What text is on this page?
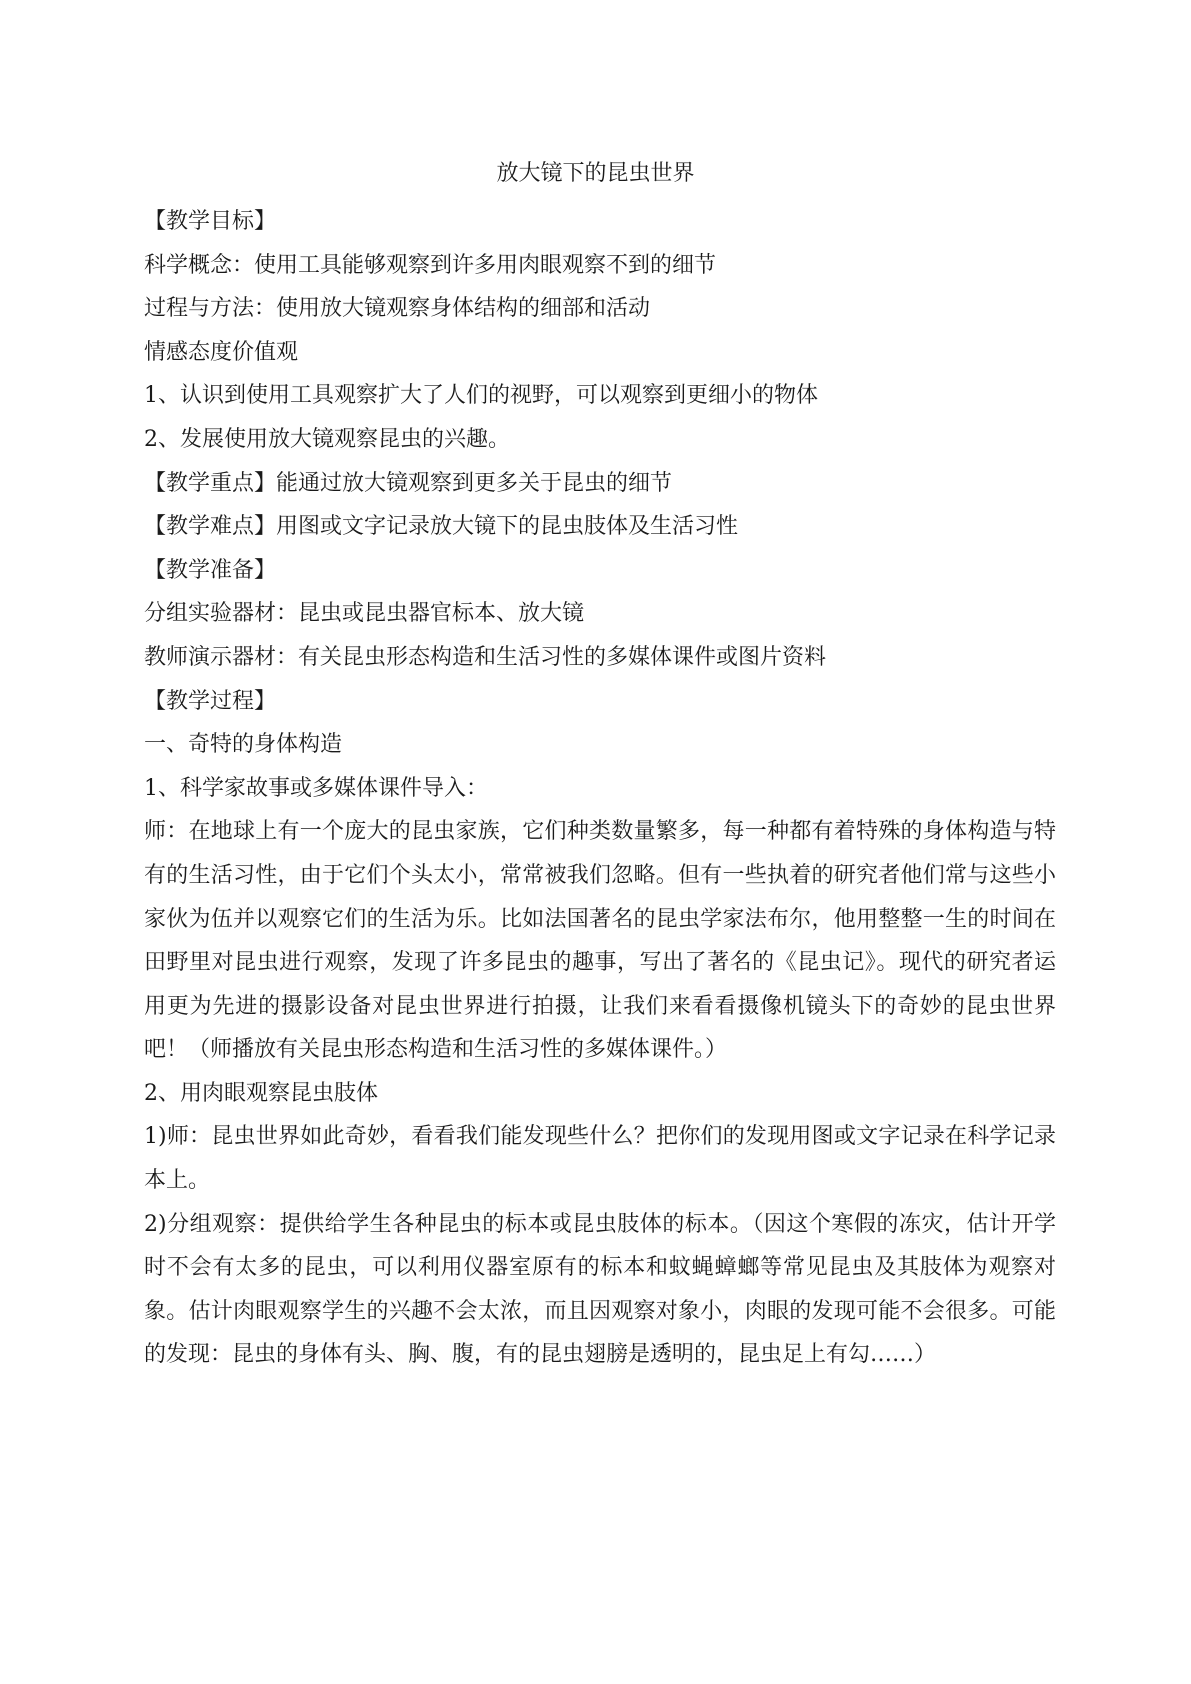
放大镜下的昆虫世界
【教学目标】
科学概念：使用工具能够观察到许多用肉眼观察不到的细节
过程与方法：使用放大镜观察身体结构的细部和活动
情感态度价值观
1、认识到使用工具观察扩大了人们的视野，可以观察到更细小的物体
2、发展使用放大镜观察昆虫的兴趣。
【教学重点】能通过放大镜观察到更多关于昆虫的细节
【教学难点】用图或文字记录放大镜下的昆虫肢体及生活习性
【教学准备】
分组实验器材：昆虫或昆虫器官标本、放大镜
教师演示器材：有关昆虫形态构造和生活习性的多媒体课件或图片资料
【教学过程】
一、奇特的身体构造
1、科学家故事或多媒体课件导入：
师：在地球上有一个庞大的昆虫家族，它们种类数量繁多，每一种都有着特殊的身体构造与特有的生活习性，由于它们个头太小，常常被我们忽略。但有一些执着的研究者他们常与这些小家伙为伍并以观察它们的生活为乐。比如法国著名的昆虫学家法布尔，他用整整一生的时间在田野里对昆虫进行观察，发现了许多昆虫的趣事，写出了著名的《昆虫记》。现代的研究者运用更为先进的摄影设备对昆虫世界进行拍摄，让我们来看看摄像机镜头下的奇妙的昆虫世界吧！（师播放有关昆虫形态构造和生活习性的多媒体课件。）
2、用肉眼观察昆虫肢体
1)师：昆虫世界如此奇妙，看看我们能发现些什么？把你们的发现用图或文字记录在科学记录本上。
2)分组观察：提供给学生各种昆虫的标本或昆虫肢体的标本。（因这个寒假的冻灾，估计开学时不会有太多的昆虫，可以利用仪器室原有的标本和蚊蝇蟑螂等常见昆虫及其肢体为观察对象。估计肉眼观察学生的兴趣不会太浓，而且因观察对象小，肉眼的发现可能不会很多。可能的发现：昆虫的身体有头、胸、腹，有的昆虫翅膀是透明的，昆虫足上有勾……）
